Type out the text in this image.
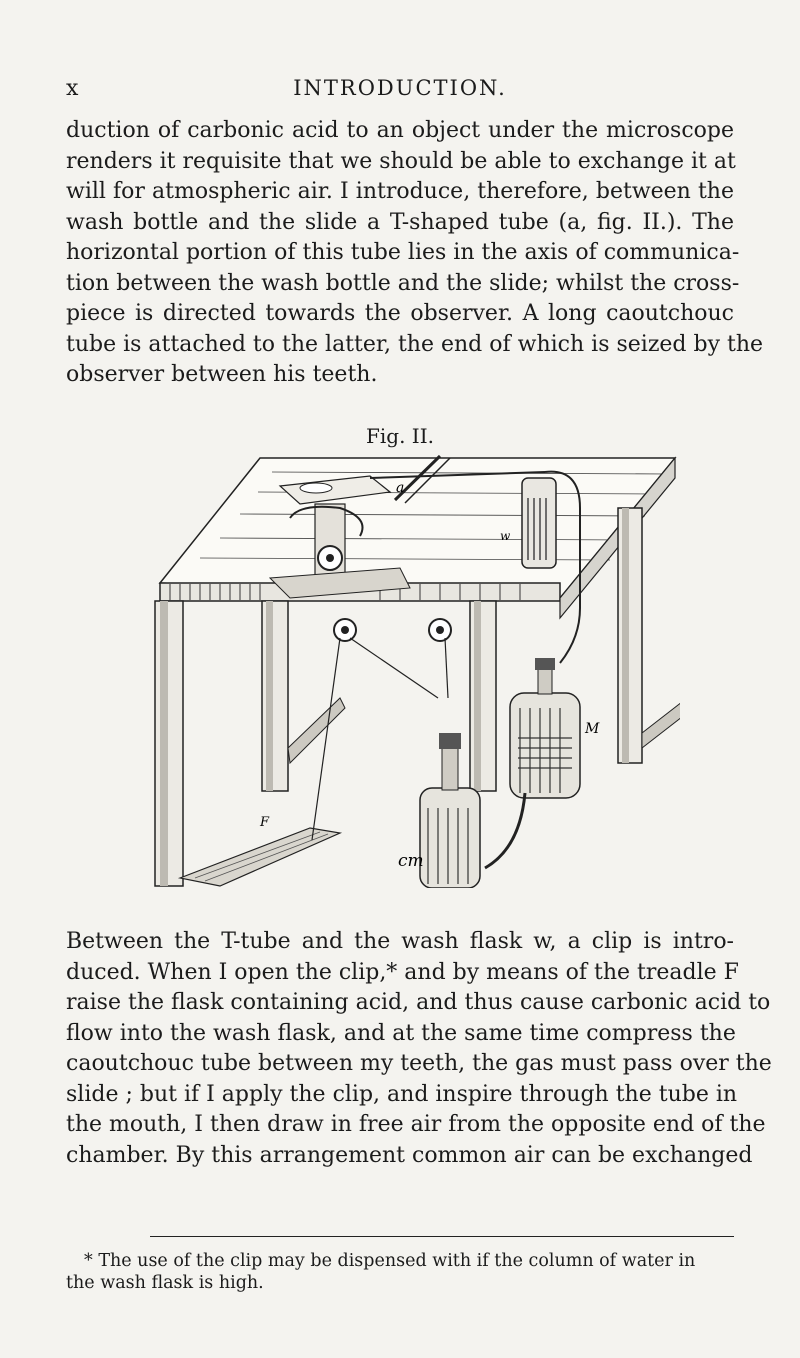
x	INTRODUCTION.
duction of carbonic acid to an object under the microscope
renders it requisite that we should be able to exchange it at
will for atmospheric air. I introduce, therefore, between the
wash bottle and the slide a T-shaped tube (a, fig. II.). The
horizontal portion of this tube lies in the axis of communica-
tion between the wash bottle and the slide; whilst the cross-
piece is directed towards the observer. A long caoutchouc
tube is attached to the latter, the end of which is seized by the
observer between his teeth.
Fig. II.
a
w
M
F
cm
Between the T-tube and the wash flask w, a clip is intro-
duced. When I open the clip,* and by means of the treadle F
raise the flask containing acid, and thus cause carbonic acid to
flow into the wash flask, and at the same time compress the
caoutchouc tube between my teeth, the gas must pass over the
slide ; but if I apply the clip, and inspire through the tube in
the mouth, I then draw in free air from the opposite end of the
chamber. By this arrangement common air can be exchanged
* The use of the clip may be dispensed with if the column of water in
the wash flask is high.
